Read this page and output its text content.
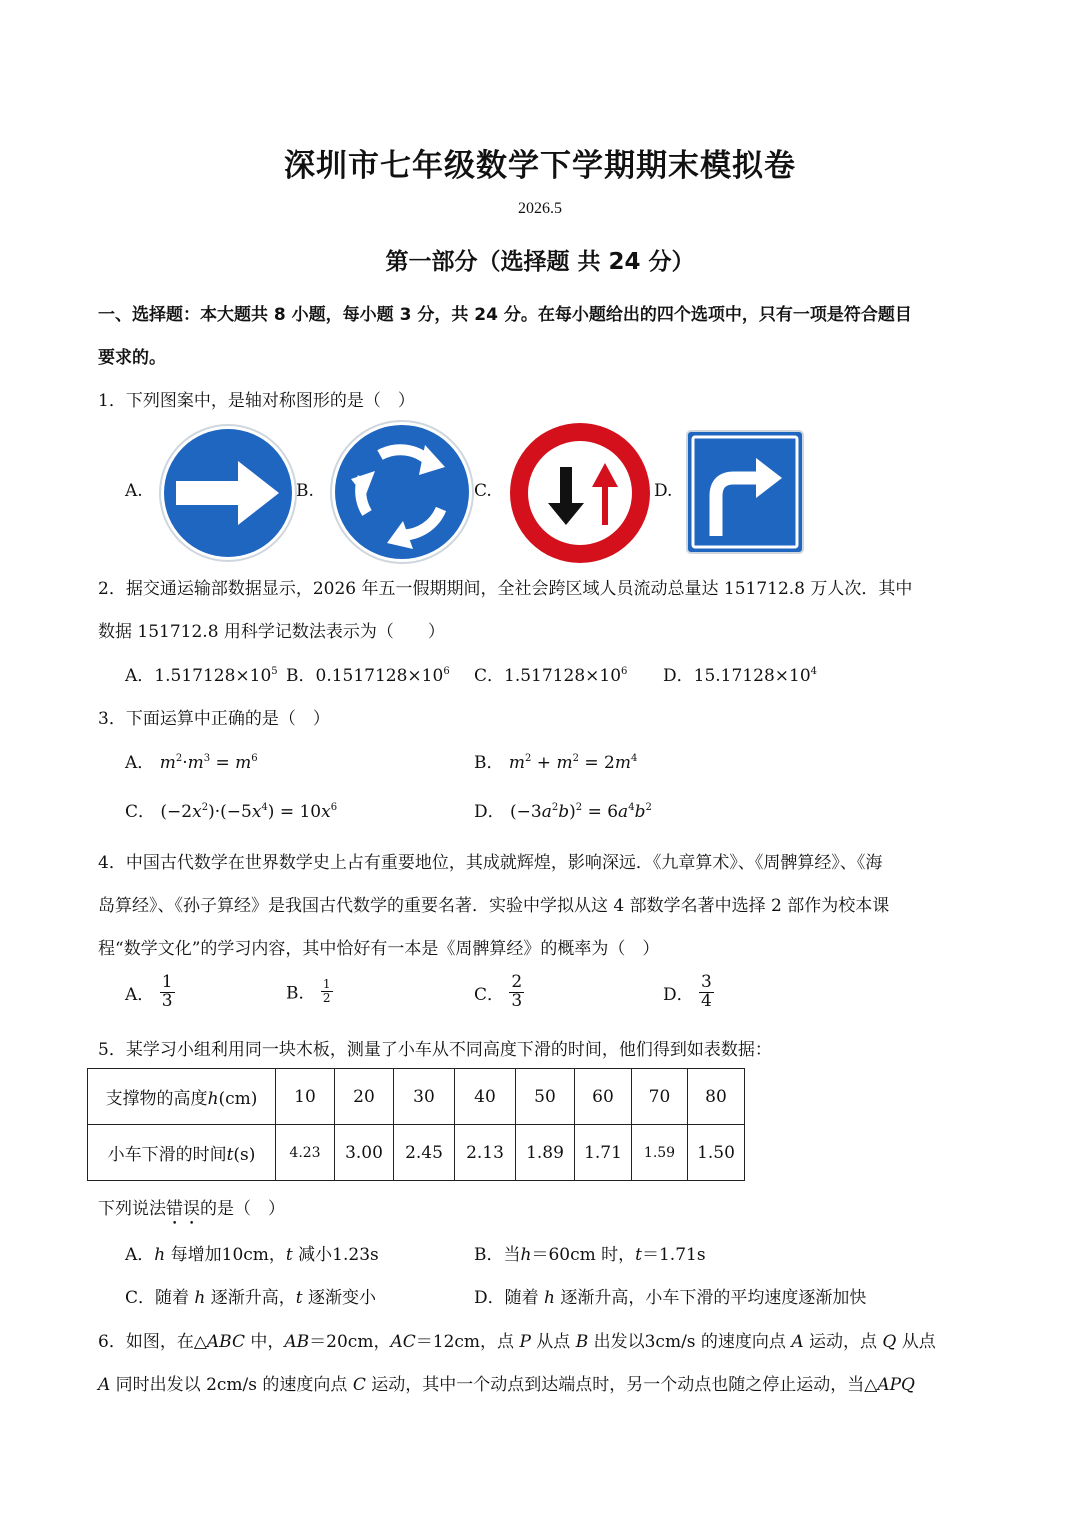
深圳市七年级数学下学期期末模拟卷
2026.5
第一部分（选择题 共 24 分）
一、选择题：本大题共 8 小题，每小题 3 分，共 24 分。在每小题给出的四个选项中，只有一项是符合题目
要求的。
1．下列图案中，是轴对称图形的是（　）
A.	B.	C.	D.
2．据交通运输部数据显示，2026 年五一假期期间，全社会跨区域人员流动总量达 151712.8 万人次．其中
数据 151712.8 用科学记数法表示为（　　）
A．$1.517128\times 10^5$ B．$0.1517128\times 10^6$ C．$1.517128\times 10^6$ D．$15.17128\times 10^4$
3．下面运算中正确的是（　）
A． $m^2\cdot m^3 = m^6$	B． $m^2 + m^2 = 2m^4$
C． $(-2x^2)\cdot(-5x^4) = 10x^6$	D． $(-3a^2b)^2 = 6a^4b^2$
4．中国古代数学在世界数学史上占有重要地位，其成就辉煌，影响深远．《九章算术》、《周髀算经》、《海
岛算经》、《孙子算经》是我国古代数学的重要名著．实验中学拟从这 4 部数学名著中选择 2 部作为校本课
程“数学文化”的学习内容，其中恰好有一本是《周髀算经》的概率为（　）
A． $\frac{1}{3}$	B． $\frac{1}{2}$	C． $\frac{2}{3}$	D． $\frac{3}{4}$
5．某学习小组利用同一块木板，测量了小车从不同高度下滑的时间，他们得到如表数据：
支撑物的高度h(cm)	10	20	30	40	50	60	70	80
小车下滑的时间t(s)	4.23	3.00	2.45	2.13	1.89	1.71	1.59	1.50
下列说法错误的是（　）
A．h 每增加10cm，t 减小1.23s	B．当h＝60cm 时，t＝1.71s
C．随着 h 逐渐升高，t 逐渐变小	D．随着 h 逐渐升高，小车下滑的平均速度逐渐加快
6．如图，在△ABC 中，AB＝20cm，AC＝12cm，点 P 从点 B 出发以3cm/s 的速度向点 A 运动，点 Q 从点
A 同时出发以 2cm/s 的速度向点 C 运动，其中一个动点到达端点时，另一个动点也随之停止运动，当△APQ
